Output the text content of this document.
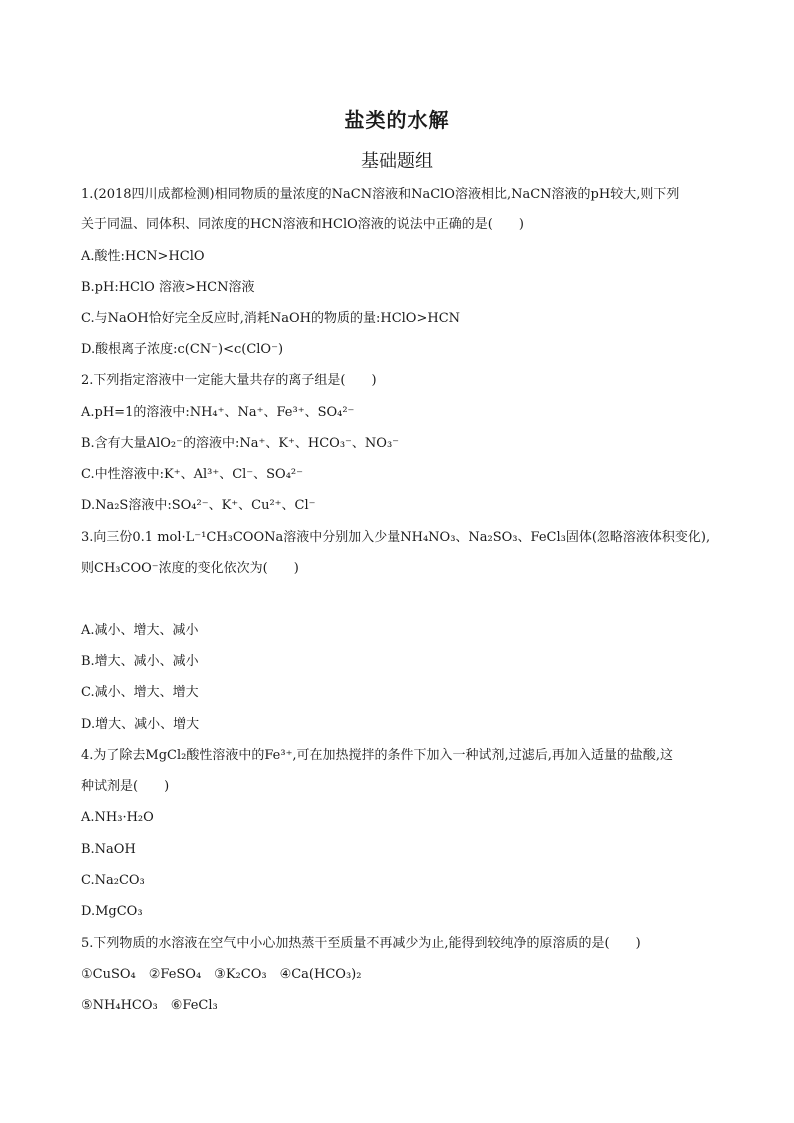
盐类的水解
基础题组
1.(2018四川成都检测)相同物质的量浓度的NaCN溶液和NaClO溶液相比,NaCN溶液的pH较大,则下列
关于同温、同体积、同浓度的HCN溶液和HClO溶液的说法中正确的是(　　)
A.酸性:HCN>HClO
B.pH:HClO 溶液>HCN溶液
C.与NaOH恰好完全反应时,消耗NaOH的物质的量:HClO>HCN
D.酸根离子浓度:c(CN⁻)<c(ClO⁻)
2.下列指定溶液中一定能大量共存的离子组是(　　)
A.pH=1的溶液中:NH₄⁺、Na⁺、Fe³⁺、SO₄²⁻
B.含有大量AlO₂⁻的溶液中:Na⁺、K⁺、HCO₃⁻、NO₃⁻
C.中性溶液中:K⁺、Al³⁺、Cl⁻、SO₄²⁻
D.Na₂S溶液中:SO₄²⁻、K⁺、Cu²⁺、Cl⁻
3.向三份0.1 mol·L⁻¹CH₃COONa溶液中分别加入少量NH₄NO₃、Na₂SO₃、FeCl₃固体(忽略溶液体积变化),
则CH₃COO⁻浓度的变化依次为(　　)
A.减小、增大、减小
B.增大、减小、减小
C.减小、增大、增大
D.增大、减小、增大
4.为了除去MgCl₂酸性溶液中的Fe³⁺,可在加热搅拌的条件下加入一种试剂,过滤后,再加入适量的盐酸,这
种试剂是(　　)
A.NH₃·H₂O
B.NaOH
C.Na₂CO₃
D.MgCO₃
5.下列物质的水溶液在空气中小心加热蒸干至质量不再减少为止,能得到较纯净的原溶质的是(　　)
①CuSO₄　②FeSO₄　③K₂CO₃　④Ca(HCO₃)₂
⑤NH₄HCO₃　⑥FeCl₃
